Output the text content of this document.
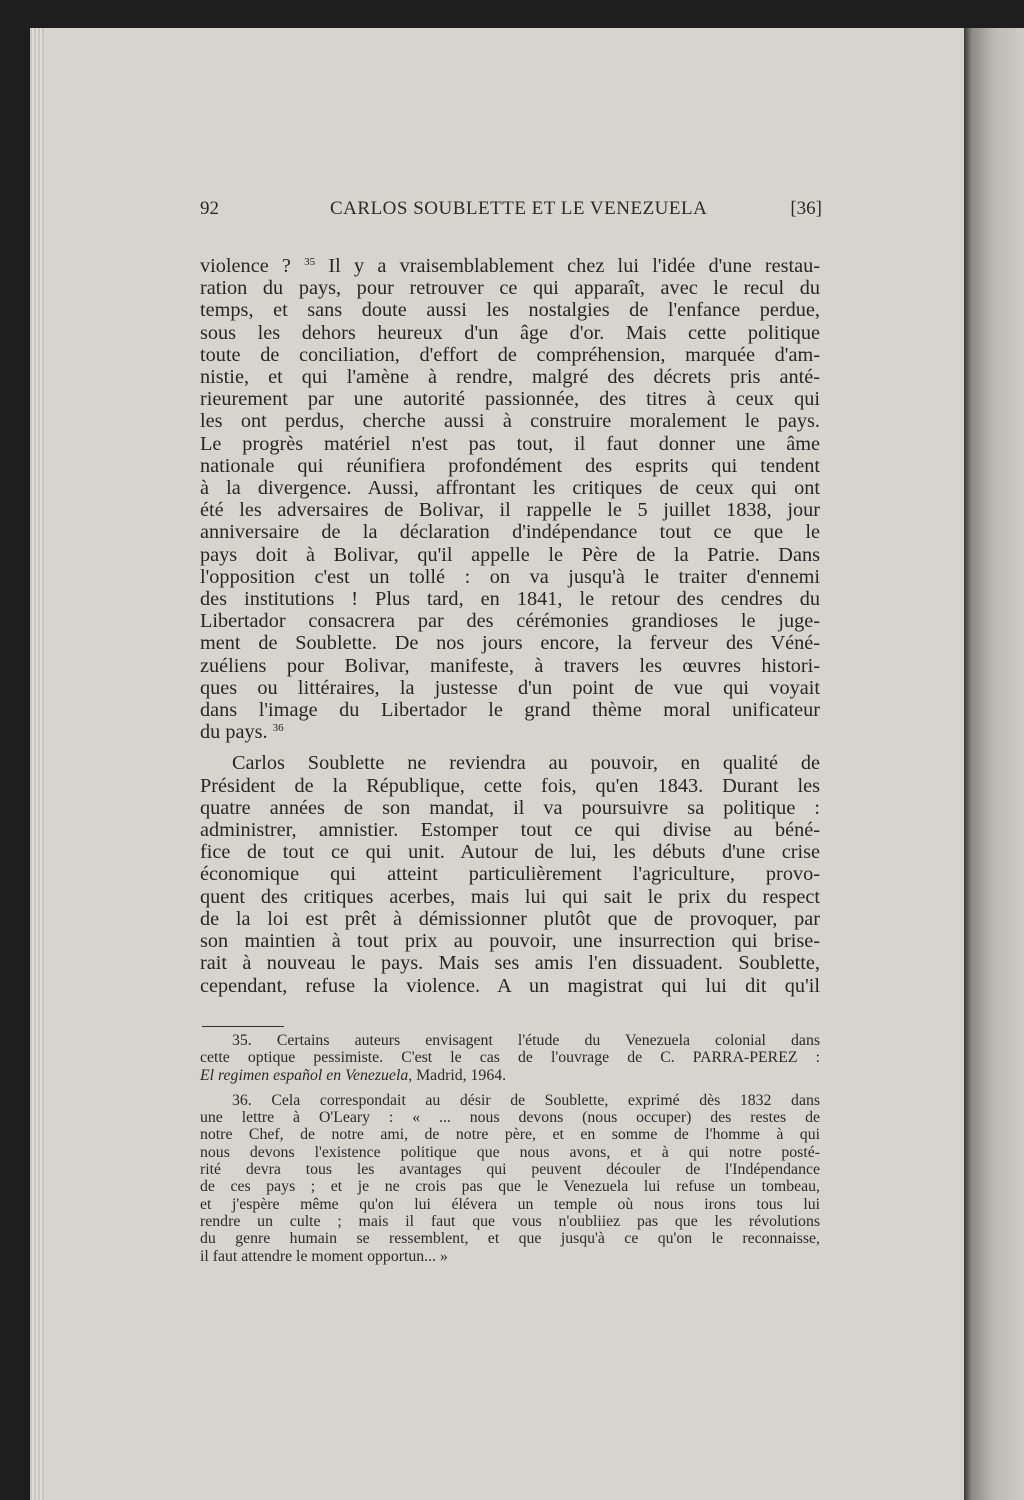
92	CARLOS SOUBLETTE ET LE VENEZUELA	[36]
violence ? $^{35}$ Il y a vraisemblablement chez lui l'idée d'une restau-
ration du pays, pour retrouver ce qui apparaît, avec le recul du
temps, et sans doute aussi les nostalgies de l'enfance perdue,
sous les dehors heureux d'un âge d'or. Mais cette politique
toute de conciliation, d'effort de compréhension, marquée d'am-
nistie, et qui l'amène à rendre, malgré des décrets pris anté-
rieurement par une autorité passionnée, des titres à ceux qui
les ont perdus, cherche aussi à construire moralement le pays.
Le progrès matériel n'est pas tout, il faut donner une âme
nationale qui réunifiera profondément des esprits qui tendent
à la divergence. Aussi, affrontant les critiques de ceux qui ont
été les adversaires de Bolivar, il rappelle le 5 juillet 1838, jour
anniversaire de la déclaration d'indépendance tout ce que le
pays doit à Bolivar, qu'il appelle le Père de la Patrie. Dans
l'opposition c'est un tollé : on va jusqu'à le traiter d'ennemi
des institutions ! Plus tard, en 1841, le retour des cendres du
Libertador consacrera par des cérémonies grandioses le juge-
ment de Soublette. De nos jours encore, la ferveur des Véné-
zuéliens pour Bolivar, manifeste, à travers les œuvres histori-
ques ou littéraires, la justesse d'un point de vue qui voyait
dans l'image du Libertador le grand thème moral unificateur
du pays. $^{36}$
Carlos Soublette ne reviendra au pouvoir, en qualité de
Président de la République, cette fois, qu'en 1843. Durant les
quatre années de son mandat, il va poursuivre sa politique :
administrer, amnistier. Estomper tout ce qui divise au béné-
fice de tout ce qui unit. Autour de lui, les débuts d'une crise
économique qui atteint particulièrement l'agriculture, provo-
quent des critiques acerbes, mais lui qui sait le prix du respect
de la loi est prêt à démissionner plutôt que de provoquer, par
son maintien à tout prix au pouvoir, une insurrection qui brise-
rait à nouveau le pays. Mais ses amis l'en dissuadent. Soublette,
cependant, refuse la violence. A un magistrat qui lui dit qu'il
35. Certains auteurs envisagent l'étude du Venezuela colonial dans
cette optique pessimiste. C'est le cas de l'ouvrage de C. PARRA-PEREZ :
El regimen español en Venezuela, Madrid, 1964.
36. Cela correspondait au désir de Soublette, exprimé dès 1832 dans
une lettre à O'Leary : « ... nous devons (nous occuper) des restes de
notre Chef, de notre ami, de notre père, et en somme de l'homme à qui
nous devons l'existence politique que nous avons, et à qui notre posté-
rité devra tous les avantages qui peuvent découler de l'Indépendance
de ces pays ; et je ne crois pas que le Venezuela lui refuse un tombeau,
et j'espère même qu'on lui élévera un temple où nous irons tous lui
rendre un culte ; mais il faut que vous n'oubliiez pas que les révolutions
du genre humain se ressemblent, et que jusqu'à ce qu'on le reconnaisse,
il faut attendre le moment opportun... »
